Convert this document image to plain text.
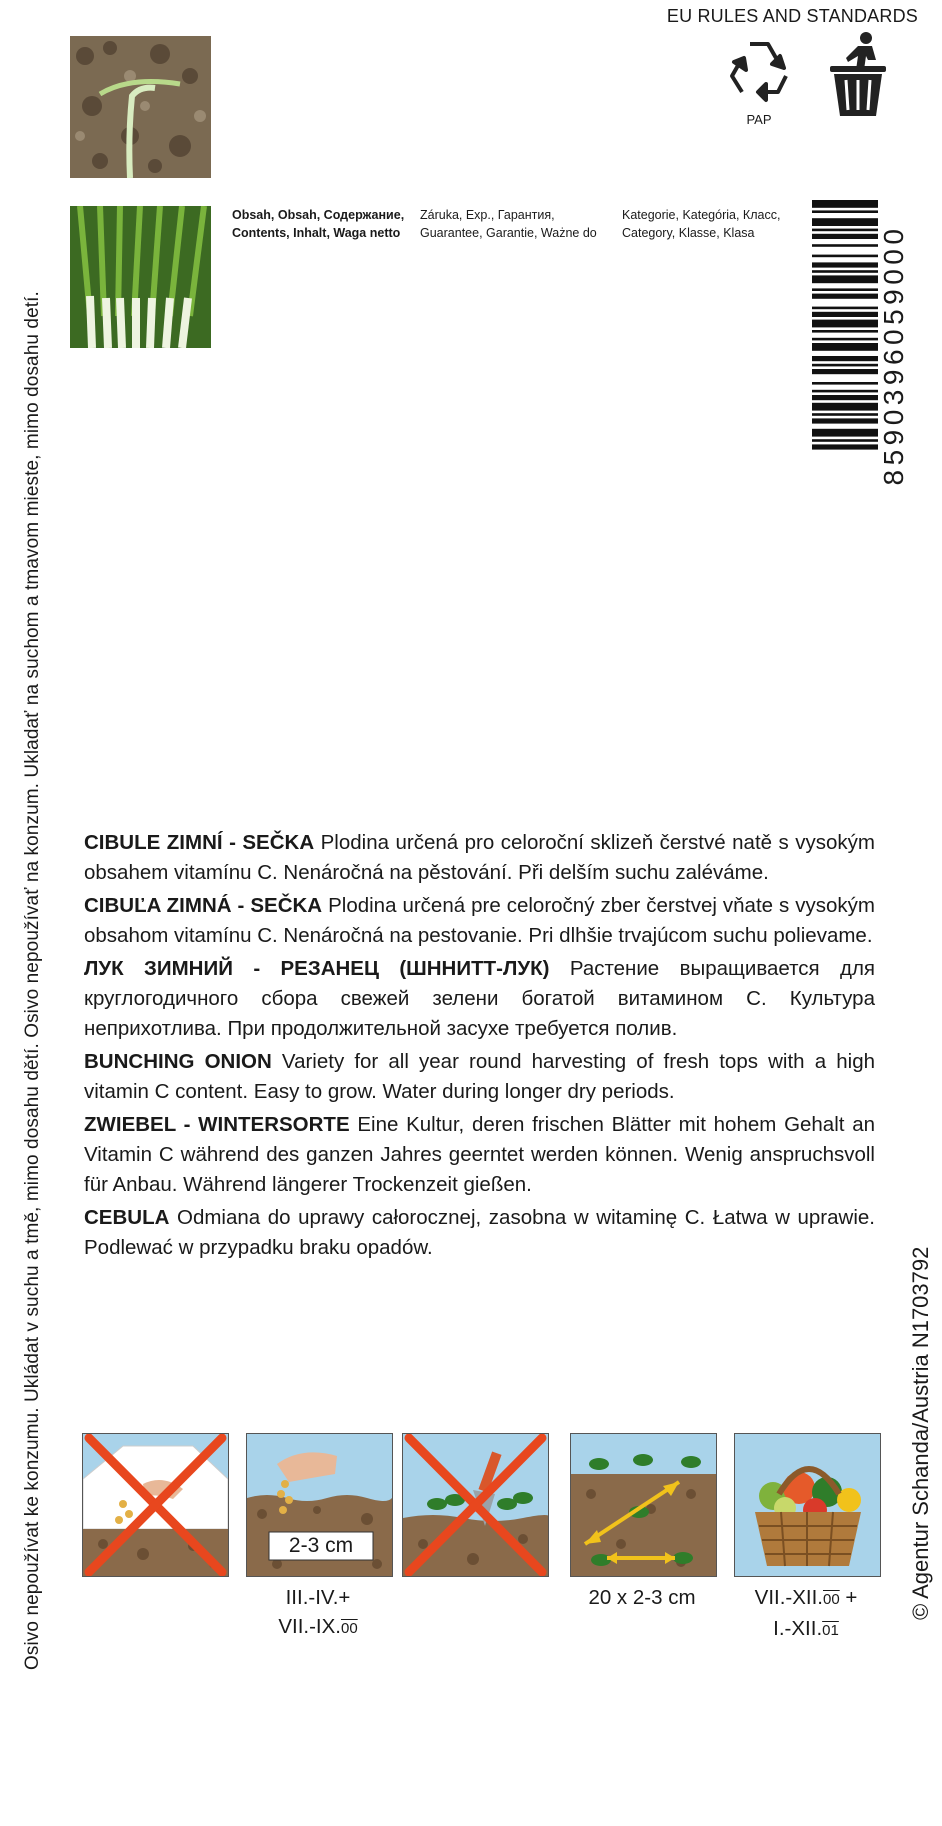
Osivo nepoužívat ke konzumu. Ukládat v suchu a tmě, mimo dosahu dětí. Osivo nepoužívať na konzum. Ukladať na suchom a tmavom mieste, mimo dosahu detí.	© Agentur Schanda/Austria N1703792
EU RULES AND STANDARDS
PAP
Obsah, Obsah, Содержание,
Contents, Inhalt, Waga netto
Záruka, Exp., Гарантия,
Guarantee, Garantie, Ważne do
Kategorie, Kategória, Класс,
Category, Klasse, Klasa	8590396059000

CIBULE ZIMNÍ - SEČKA Plodina určená pro celoroční sklizeň čerstvé natě s vysokým obsahem vitamínu C. Nenáročná na pěstování. Při delším suchu zaléváme.

CIBUĽA ZIMNÁ - SEČKA Plodina určená pre celoročný zber čerstvej vňate s vysokým obsahom vitamínu C. Nenáročná na pestovanie. Pri dlhšie trvajúcom suchu polievame.

ЛУК ЗИМНИЙ - РЕЗАНЕЦ (ШННИТТ-ЛУК) Растение выращивается для круглогодичного сбора свежей зелени богатой витамином C. Культура неприхотлива. При продолжительной засухе требуется полив.

BUNCHING ONION Variety for all year round harvesting of fresh tops with a high vitamin C content. Easy to grow. Water during longer dry periods.

ZWIEBEL - WINTERSORTE Eine Kultur, deren frischen Blätter mit hohem Gehalt an Vitamin C während des ganzen Jahres geerntet werden können. Wenig anspruchsvoll für Anbau. Während längerer Trockenzeit gießen.

CEBULA Odmiana do uprawy całorocznej, zasobna w witaminę C. Łatwa w uprawie. Podlewać w przypadku braku opadów.

2-3 cm
III.-IV.+
VII.-IX.00
20 x 2-3 cm	VII.-XII.00 +
I.-XII.01
